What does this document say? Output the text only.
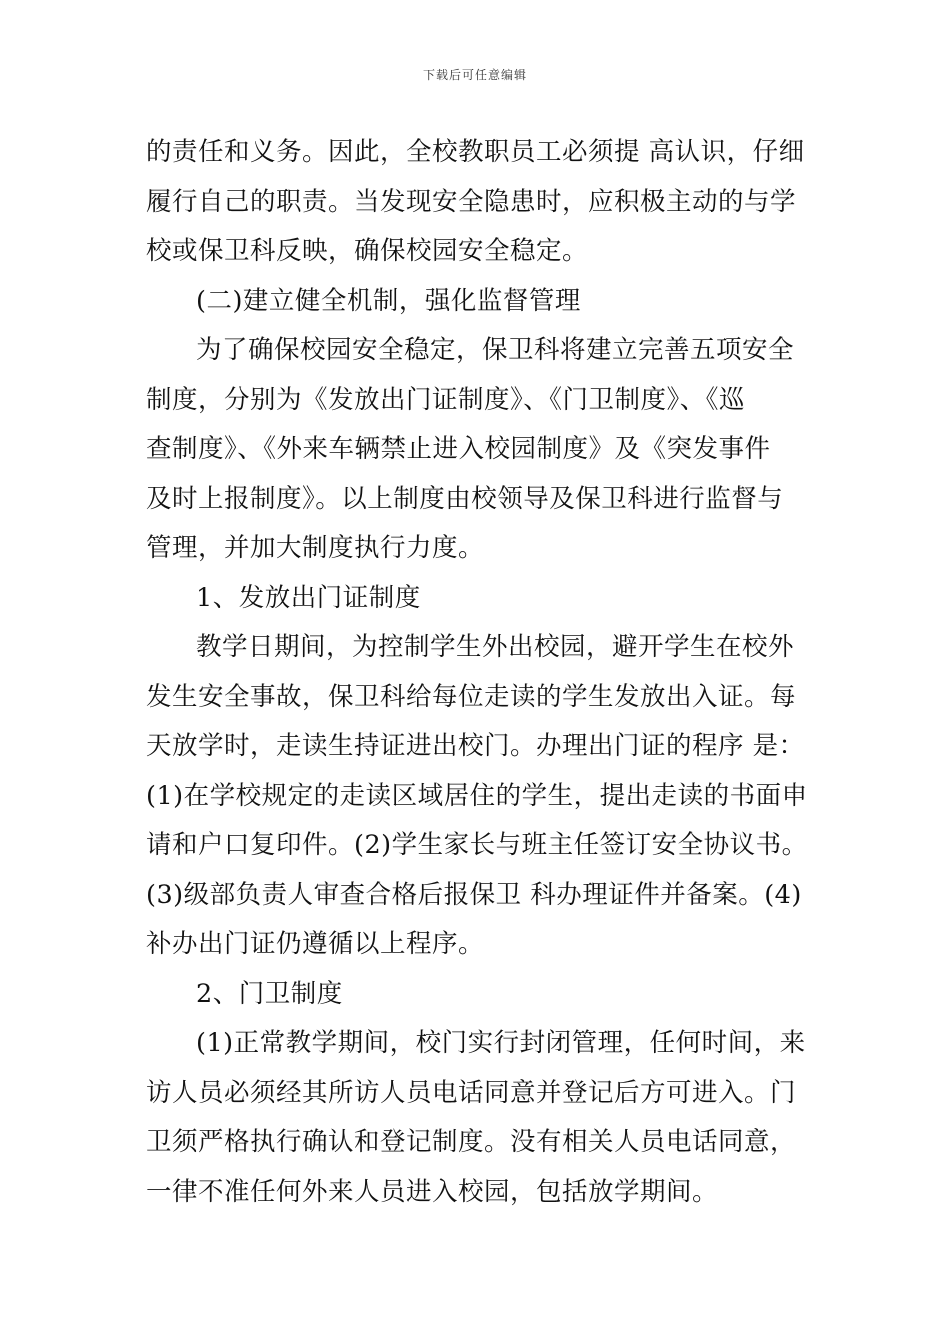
下载后可任意编辑
的责任和义务。因此，全校教职员工必须提 高认识，仔细
履行自己的职责。当发现安全隐患时，应积极主动的与学
校或保卫科反映，确保校园安全稳定。
(二)建立健全机制，强化监督管理
为了确保校园安全稳定，保卫科将建立完善五项安全
制度，分别为《发放出门证制度》、《门卫制度》、《巡
查制度》、《外来车辆禁止进入校园制度》及《突发事件
及时上报制度》。以上制度由校领导及保卫科进行监督与
管理，并加大制度执行力度。
1、发放出门证制度
教学日期间，为控制学生外出校园，避开学生在校外
发生安全事故，保卫科给每位走读的学生发放出入证。每
天放学时，走读生持证进出校门。办理出门证的程序 是：
(1)在学校规定的走读区域居住的学生，提出走读的书面申
请和户口复印件。(2)学生家长与班主任签订安全协议书。
(3)级部负责人审查合格后报保卫 科办理证件并备案。(4)
补办出门证仍遵循以上程序。
2、门卫制度
(1)正常教学期间，校门实行封闭管理，任何时间，来
访人员必须经其所访人员电话同意并登记后方可进入。门
卫须严格执行确认和登记制度。没有相关人员电话同意，
一律不准任何外来人员进入校园，包括放学期间。
